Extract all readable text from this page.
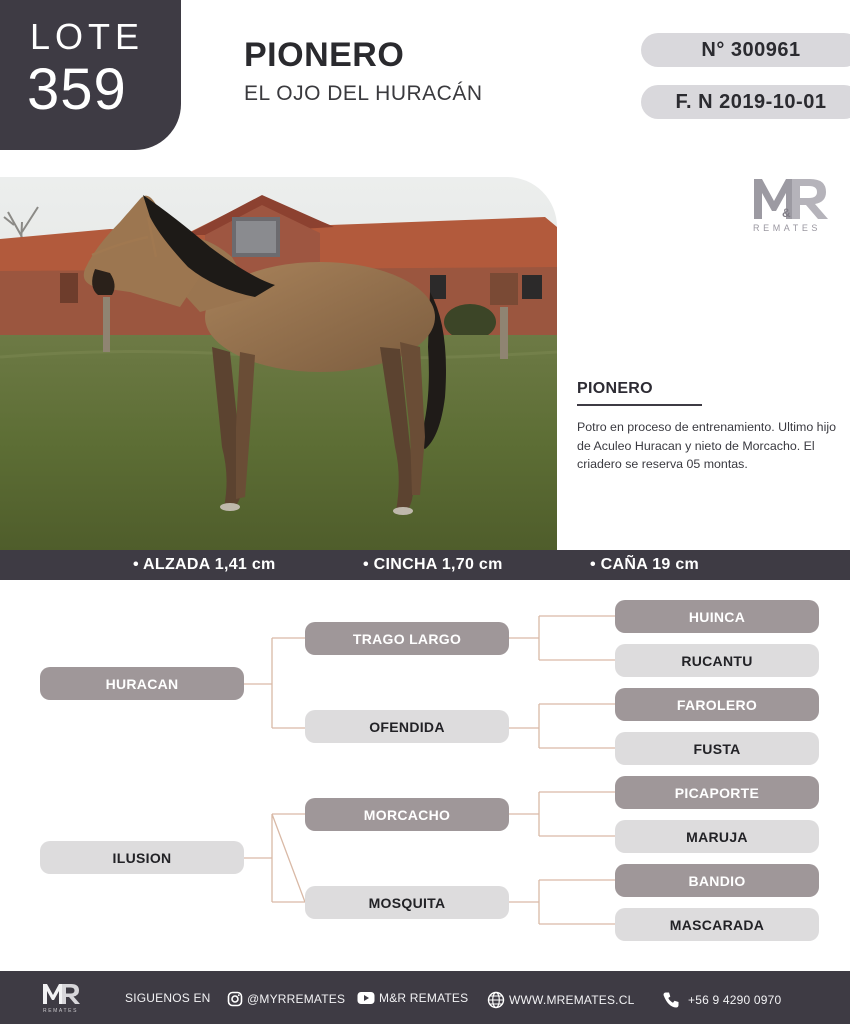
LOTE
359
PIONERO
EL OJO DEL HURACÁN
N° 300961
F. N 2019-10-01
&
REMATES
PIONERO
Potro en proceso de entrenamiento. Ultimo hijo de Aculeo Huracan y nieto de Morcacho. El criadero se reserva 05 montas.
• ALZADA 1,41 cm	• CINCHA 1,70 cm	• CAÑA 19 cm
HURACAN
ILUSION
TRAGO LARGO
OFENDIDA
MORCACHO
MOSQUITA
HUINCA
RUCANTU
FAROLERO
FUSTA
PICAPORTE
MARUJA
BANDIO
MASCARADA
REMATES
SIGUENOS EN	@MYRREMATES	M&R REMATES	WWW.MREMATES.CL	+56 9 4290 0970
